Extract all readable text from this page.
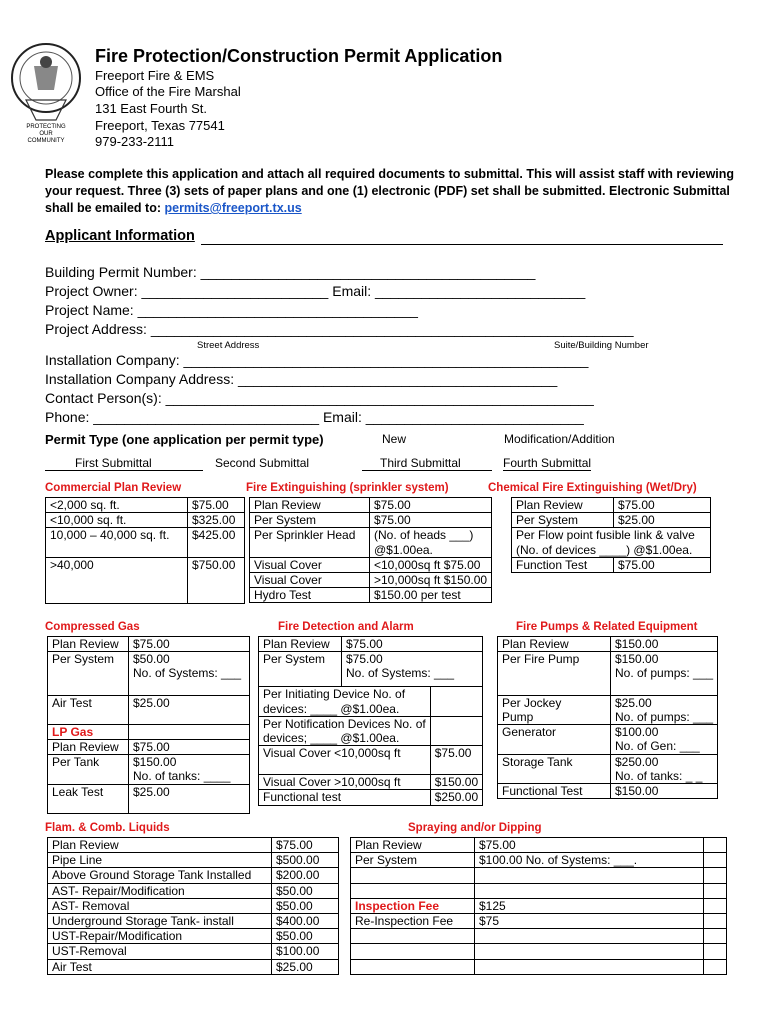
PROTECTING
OUR
COMMUNITY
Fire Protection/Construction Permit Application
Freeport Fire & EMS
Office of the Fire Marshal
131 East Fourth St.
Freeport, Texas 77541
979-233-2111
Please complete this application and attach all required documents to submittal. This will assist staff with reviewing your request. Three (3) sets of paper plans and one (1) electronic (PDF) set shall be submitted. Electronic Submittal shall be emailed to: permits@freeport.tx.us
Applicant Information
Building Permit Number: ___________________________________________
Project Owner: ________________________ Email: ___________________________
Project Name: ____________________________________
Project Address: ______________________________________________________________
Street Address	Suite/Building Number
Installation Company: ____________________________________________________
Installation Company Address: _________________________________________
Contact Person(s): _______________________________________________________
Phone: _____________________________ Email: ____________________________
Permit Type (one application per permit type)	New	Modification/Addition
First Submittal	Second Submittal	Third Submittal	Fourth Submittal
Commercial Plan Review
<2,000 sq. ft.	$75.00
<10,000 sq. ft.	$325.00
10,000 – 40,000 sq. ft.	$425.00

>40,000	$750.00
Fire Extinguishing (sprinkler system)
Plan Review	$75.00
Per System	$75.00
Per Sprinkler Head	(No. of heads ___)
	@$1.00ea.
Visual Cover	<10,000sq ft $75.00
Visual Cover	>10,000sq ft $150.00
Hydro Test	$150.00 per test
Chemical Fire Extinguishing (Wet/Dry)
Plan Review	$75.00
Per System	$25.00
Per Flow point fusible link & valve	
(No. of devices ____) @$1.00ea.	
Function Test	$75.00
Compressed Gas
Plan Review	$75.00
Per System	$50.00
	No. of Systems: ___

Air Test	$25.00
LP Gas	
Plan Review	$75.00
Per Tank	$150.00
	No. of tanks: ____
Leak Test	$25.00
Fire Detection and Alarm
Plan Review	$75.00	
Per System	$75.00	
	No. of Systems: ___	
Per Initiating Device No. of		
devices: ____ @$1.00ea.		
Per Notification Devices No. of		
devices; ____ @$1.00ea.		
Visual Cover <10,000sq ft		$75.00
Visual Cover >10,000sq ft		$150.00
Functional test		$250.00
Fire Pumps & Related Equipment
Plan Review	$150.00
Per Fire Pump	$150.00
	No. of pumps: ___

Per Jockey	$25.00
Pump	No. of pumps: ___
Generator	$100.00
	No. of Gen: ___
Storage Tank	$250.00
	No. of tanks: _ _
Functional Test	$150.00
Flam. & Comb. Liquids
Plan Review	$75.00
Pipe Line	$500.00
Above Ground Storage Tank Installed	$200.00
AST- Repair/Modification	$50.00
AST- Removal	$50.00
Underground Storage Tank- install	$400.00
UST-Repair/Modification	$50.00
UST-Removal	$100.00
Air Test	$25.00
Spraying and/or Dipping
Plan Review	$75.00	
Per System	$100.00 No. of Systems: ___.	

Inspection Fee	$125	
Re-Inspection Fee	$75	
